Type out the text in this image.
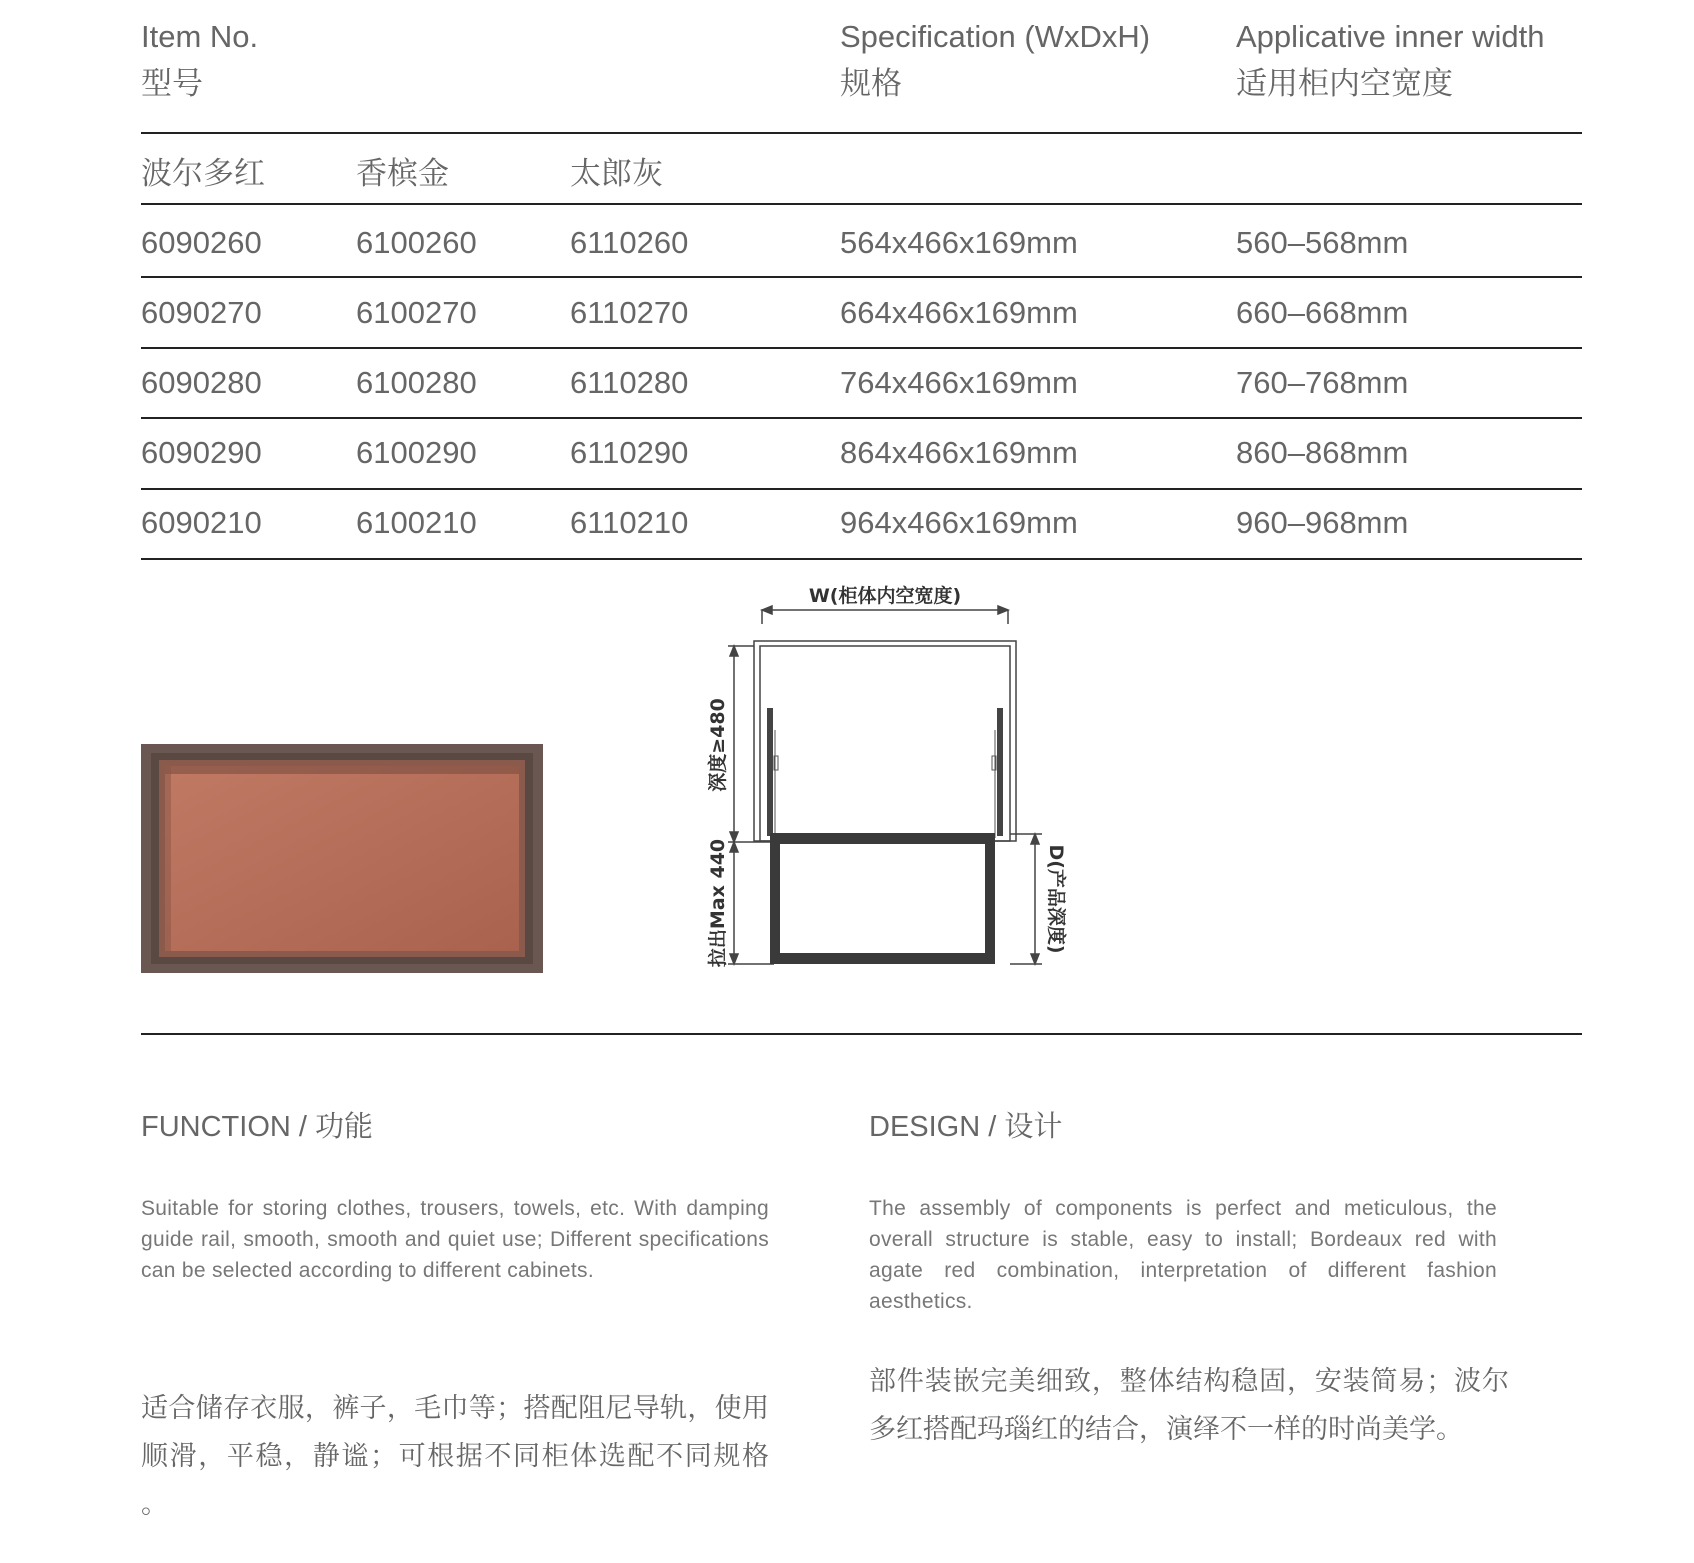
Item No.
型号
Specification (WxDxH)
规格
Applicative inner width
适用柜内空宽度
波尔多红	香槟金	太郎灰
6090260	6100260	6110260	564x466x169mm	560–568mm
6090270	6100270	6110270	664x466x169mm	660–668mm
6090280	6100280	6110280	764x466x169mm	760–768mm
6090290	6100290	6110290	864x466x169mm	860–868mm
6090210	6100210	6110210	964x466x169mm	960–968mm
W(柜体内空宽度)
深度≥480
拉出Max 440	D(产品深度)
FUNCTION / 功能
Suitable for storing clothes, trousers, towels, etc. With damping guide rail, smooth, smooth and quiet use; Different specifications can be selected according to different cabinets.
适合储存衣服，裤子，毛巾等；搭配阻尼导轨，使用顺滑，平稳，静谧；可根据不同柜体选配不同规格 。
DESIGN / 设计
The assembly of components is perfect and meticulous, the overall structure is stable, easy to install; Bordeaux red with agate red combination, interpretation of different fashion aesthetics.
部件装嵌完美细致，整体结构稳固，安装简易；波尔多红搭配玛瑙红的结合，演绎不一样的时尚美学。
